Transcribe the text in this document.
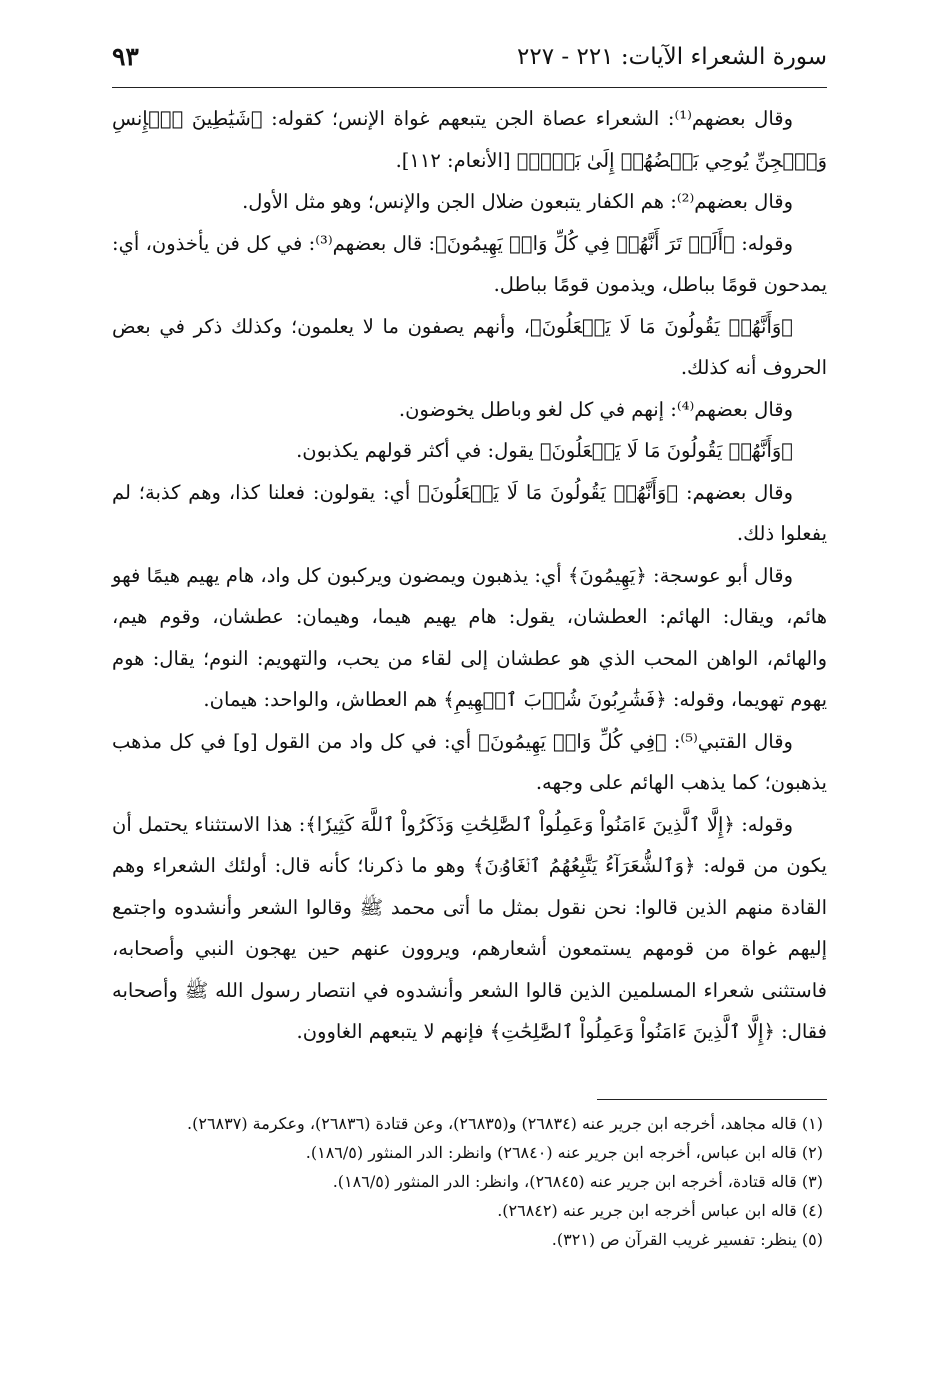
سورة الشعراء الآيات: ٢٢١ - ٢٢٧
٩٣

وقال بعضهم⁽¹⁾: الشعراء عصاة الجن يتبعهم غواة الإنس؛ كقوله: ﴿شَيَٰطِينَ ٱلۡإِنسِ وَٱلۡجِنِّ يُوحِي بَعۡضُهُمۡ إِلَىٰ بَعۡضٖ﴾ [الأنعام: ١١٢].

وقال بعضهم⁽²⁾: هم الكفار يتبعون ضلال الجن والإنس؛ وهو مثل الأول.

وقوله: ﴿أَلَمۡ تَرَ أَنَّهُمۡ فِي كُلِّ وَادٖ يَهِيمُونَ﴾: قال بعضهم⁽³⁾: في كل فن يأخذون، أي: يمدحون قومًا بباطل، ويذمون قومًا بباطل.

﴿وَأَنَّهُمۡ يَقُولُونَ مَا لَا يَفۡعَلُونَ﴾، وأنهم يصفون ما لا يعلمون؛ وكذلك ذكر في بعض الحروف أنه كذلك.

وقال بعضهم⁽⁴⁾: إنهم في كل لغو وباطل يخوضون.

﴿وَأَنَّهُمۡ يَقُولُونَ مَا لَا يَفۡعَلُونَ﴾ يقول: في أكثر قولهم يكذبون.

وقال بعضهم: ﴿وَأَنَّهُمۡ يَقُولُونَ مَا لَا يَفۡعَلُونَ﴾ أي: يقولون: فعلنا كذا، وهم كذبة؛ لم يفعلوا ذلك.

وقال أبو عوسجة: ﴿يَهِيمُونَ﴾ أي: يذهبون ويمضون ويركبون كل واد، هام يهيم هيمًا فهو هائم، ويقال: الهائم: العطشان، يقول: هام يهيم هيما، وهيمان: عطشان، وقوم هيم، والهائم، الواهن المحب الذي هو عطشان إلى لقاء من يحب، والتهويم: النوم؛ يقال: هوم يهوم تهويما، وقوله: ﴿فَشَٰرِبُونَ شُرۡبَ ٱلۡهِيمِ﴾ هم العطاش، والواحد: هيمان.

وقال القتبي⁽⁵⁾: ﴿فِي كُلِّ وَادٖ يَهِيمُونَ﴾ أي: في كل واد من القول [و] في كل مذهب يذهبون؛ كما يذهب الهائم على وجهه.

وقوله: ﴿إِلَّا ٱلَّذِينَ ءَامَنُواْ وَعَمِلُواْ ٱلصَّٰلِحَٰتِ وَذَكَرُواْ ٱللَّهَ كَثِيرٗا﴾: هذا الاستثناء يحتمل أن يكون من قوله: ﴿وَٱلشُّعَرَآءُ يَتَّبِعُهُمُ ٱلۡغَاوُۥنَ﴾ وهو ما ذكرنا؛ كأنه قال: أولئك الشعراء وهم القادة منهم الذين قالوا: نحن نقول بمثل ما أتى محمد ﷺ وقالوا الشعر وأنشدوه واجتمع إليهم غواة من قومهم يستمعون أشعارهم، ويروون عنهم حين يهجون النبي وأصحابه، فاستثنى شعراء المسلمين الذين قالوا الشعر وأنشدوه في انتصار رسول الله ﷺ وأصحابه فقال: ﴿إِلَّا ٱلَّذِينَ ءَامَنُواْ وَعَمِلُواْ ٱلصَّٰلِحَٰتِ﴾ فإنهم لا يتبعهم الغاوون.

(١) قاله مجاهد، أخرجه ابن جرير عنه (٢٦٨٣٤) و(٢٦٨٣٥)، وعن قتادة (٢٦٨٣٦)، وعكرمة (٢٦٨٣٧).

(٢) قاله ابن عباس، أخرجه ابن جرير عنه (٢٦٨٤٠) وانظر: الدر المنثور (١٨٦/٥).

(٣) قاله قتادة، أخرجه ابن جرير عنه (٢٦٨٤٥)، وانظر: الدر المنثور (١٨٦/٥).

(٤) قاله ابن عباس أخرجه ابن جرير عنه (٢٦٨٤٢).

(٥) ينظر: تفسير غريب القرآن ص (٣٢١).
